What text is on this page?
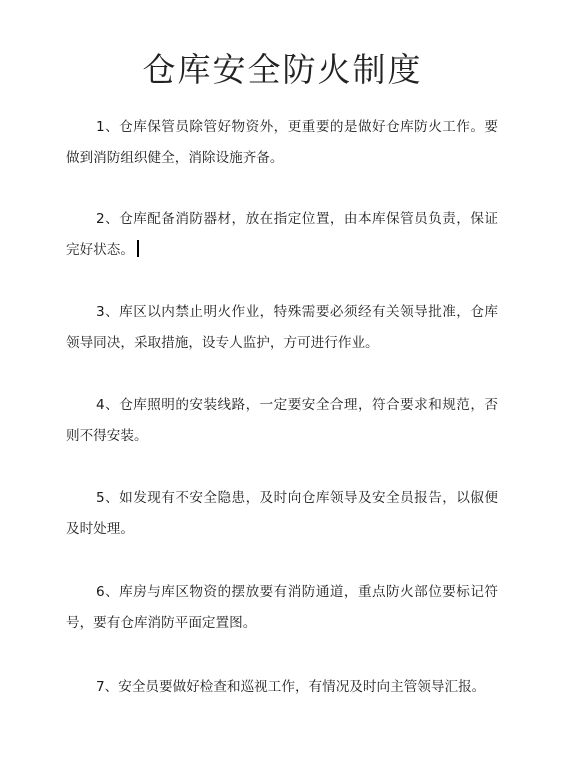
仓库安全防火制度

1、仓库保管员除管好物资外，更重要的是做好仓库防火工作。要做到消防组织健全，消除设施齐备。

2、仓库配备消防器材，放在指定位置，由本库保管员负责，保证完好状态。

3、库区以内禁止明火作业，特殊需要必须经有关领导批准，仓库领导同决，采取措施，设专人监护，方可进行作业。

4、仓库照明的安装线路，一定要安全合理，符合要求和规范，否则不得安装。

5、如发现有不安全隐患，及时向仓库领导及安全员报告，以俶便及时处理。

6、库房与库区物资的摆放要有消防通道，重点防火部位要标记符号，要有仓库消防平面定置图。

7、安全员要做好检查和巡视工作，有情况及时向主管领导汇报。
